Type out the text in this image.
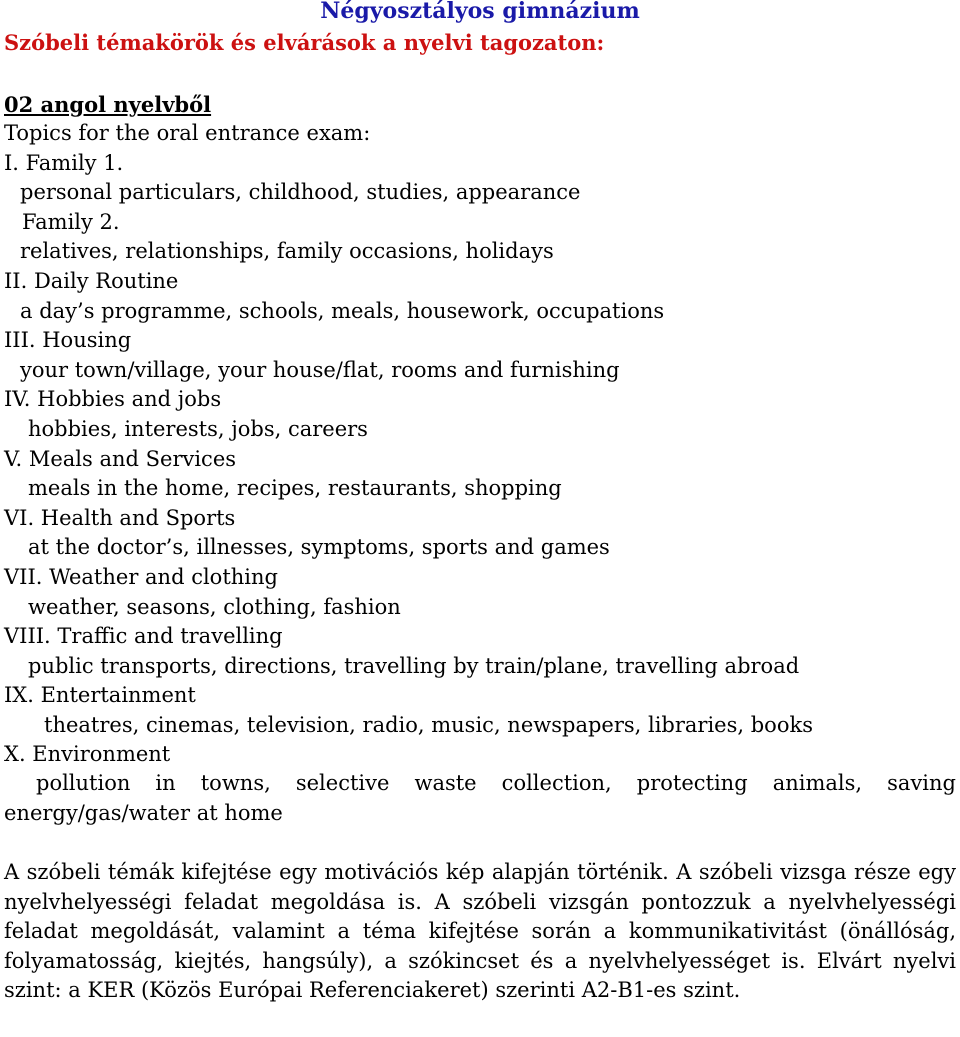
Négyosztályos gimnázium
Szóbeli témakörök és elvárások a nyelvi tagozaton:
02 angol nyelvből
Topics for the oral entrance exam:
I. Family 1.
personal particulars, childhood, studies, appearance
Family 2.
relatives, relationships, family occasions, holidays
II. Daily Routine
a day’s programme, schools, meals, housework, occupations
III. Housing
your town/village, your house/flat, rooms and furnishing
IV. Hobbies and jobs
hobbies, interests, jobs, careers
V. Meals and Services
meals in the home, recipes, restaurants, shopping
VI. Health and Sports
at the doctor’s, illnesses, symptoms, sports and games
VII. Weather and clothing
weather, seasons, clothing, fashion
VIII. Traffic and travelling
public transports, directions, travelling by train/plane, travelling abroad
IX. Entertainment
theatres, cinemas, television, radio, music, newspapers, libraries, books
X. Environment
pollution in towns, selective waste collection, protecting animals, saving energy/gas/water at home
A szóbeli témák kifejtése egy motivációs kép alapján történik. A szóbeli vizsga része egy nyelvhelyességi feladat megoldása is. A szóbeli vizsgán pontozzuk a nyelvhelyességi feladat megoldását, valamint a téma kifejtése során a kommunikativitást (önállóság, folyamatosság, kiejtés, hangsúly), a szókincset és a nyelvhelyességet is. Elvárt nyelvi szint: a KER (Közös Európai Referenciakeret) szerinti A2-B1-es szint.
